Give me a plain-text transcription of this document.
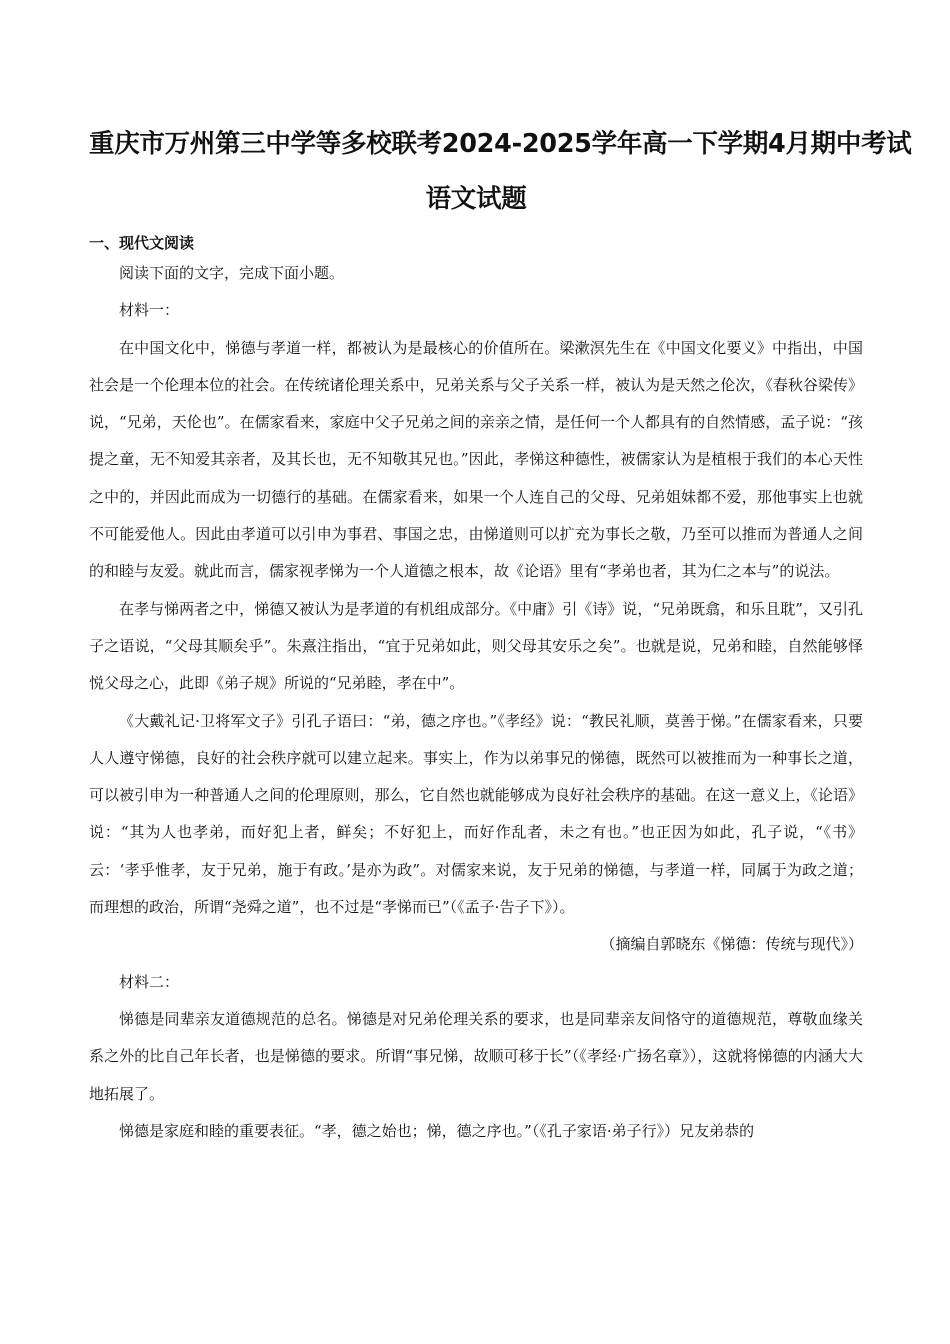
重庆市万州第三中学等多校联考2024-2025学年高一下学期4月期中考试
语文试题
一、现代文阅读

阅读下面的文字，完成下面小题。

材料一：

在中国文化中，悌德与孝道一样，都被认为是最核心的价值所在。梁漱溟先生在《中国文化要义》中指出，中国社会是一个伦理本位的社会。在传统诸伦理关系中，兄弟关系与父子关系一样，被认为是天然之伦次，《春秋谷梁传》说，“兄弟，天伦也”。在儒家看来，家庭中父子兄弟之间的亲亲之情，是任何一个人都具有的自然情感，孟子说：“孩提之童，无不知爱其亲者，及其长也，无不知敬其兄也。”因此，孝悌这种德性，被儒家认为是植根于我们的本心天性之中的，并因此而成为一切德行的基础。在儒家看来，如果一个人连自己的父母、兄弟姐妹都不爱，那他事实上也就不可能爱他人。因此由孝道可以引申为事君、事国之忠，由悌道则可以扩充为事长之敬，乃至可以推而为普通人之间的和睦与友爱。就此而言，儒家视孝悌为一个人道德之根本，故《论语》里有“孝弟也者，其为仁之本与”的说法。

在孝与悌两者之中，悌德又被认为是孝道的有机组成部分。《中庸》引《诗》说，“兄弟既翕，和乐且耽”，又引孔子之语说，“父母其顺矣乎”。朱熹注指出，“宜于兄弟如此，则父母其安乐之矣”。也就是说，兄弟和睦，自然能够怿悦父母之心，此即《弟子规》所说的“兄弟睦，孝在中”。

《大戴礼记·卫将军文子》引孔子语曰：“弟，德之序也。”《孝经》说：“教民礼顺，莫善于悌。”在儒家看来，只要人人遵守悌德，良好的社会秩序就可以建立起来。事实上，作为以弟事兄的悌德，既然可以被推而为一种事长之道，可以被引申为一种普通人之间的伦理原则，那么，它自然也就能够成为良好社会秩序的基础。在这一意义上，《论语》说：“其为人也孝弟，而好犯上者，鲜矣；不好犯上，而好作乱者，未之有也。”也正因为如此，孔子说，“《书》云：‘孝乎惟孝，友于兄弟，施于有政。’是亦为政”。对儒家来说，友于兄弟的悌德，与孝道一样，同属于为政之道；而理想的政治，所谓“尧舜之道”，也不过是“孝悌而已”（《孟子·告子下》）。

（摘编自郭晓东《悌德：传统与现代》）

材料二：

悌德是同辈亲友道德规范的总名。悌德是对兄弟伦理关系的要求，也是同辈亲友间恪守的道德规范，尊敬血缘关系之外的比自己年长者，也是悌德的要求。所谓“事兄悌，故顺可移于长”（《孝经·广扬名章》），这就将悌德的内涵大大地拓展了。

悌德是家庭和睦的重要表征。“孝，德之始也；悌，德之序也。”（《孔子家语·弟子行》）兄友弟恭的
